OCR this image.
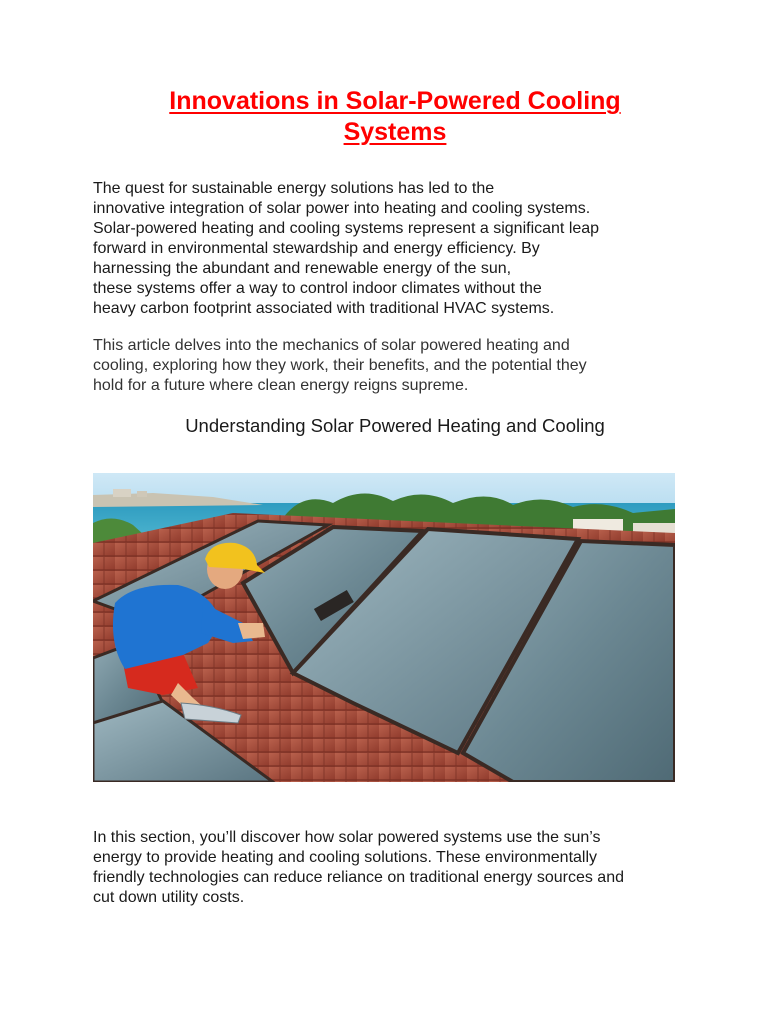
Innovations in Solar-Powered Cooling
Systems

The quest for sustainable energy solutions has led to the
innovative integration of solar power into heating and cooling systems.
Solar-powered heating and cooling systems represent a significant leap
forward in environmental stewardship and energy efficiency. By
harnessing the abundant and renewable energy of the sun,
these systems offer a way to control indoor climates without the
heavy carbon footprint associated with traditional HVAC systems.

This article delves into the mechanics of solar powered heating and
cooling, exploring how they work, their benefits, and the potential they
hold for a future where clean energy reigns supreme.

Understanding Solar Powered Heating and Cooling

In this section, you’ll discover how solar powered systems use the sun’s
energy to provide heating and cooling solutions. These environmentally
friendly technologies can reduce reliance on traditional energy sources and
cut down utility costs.
